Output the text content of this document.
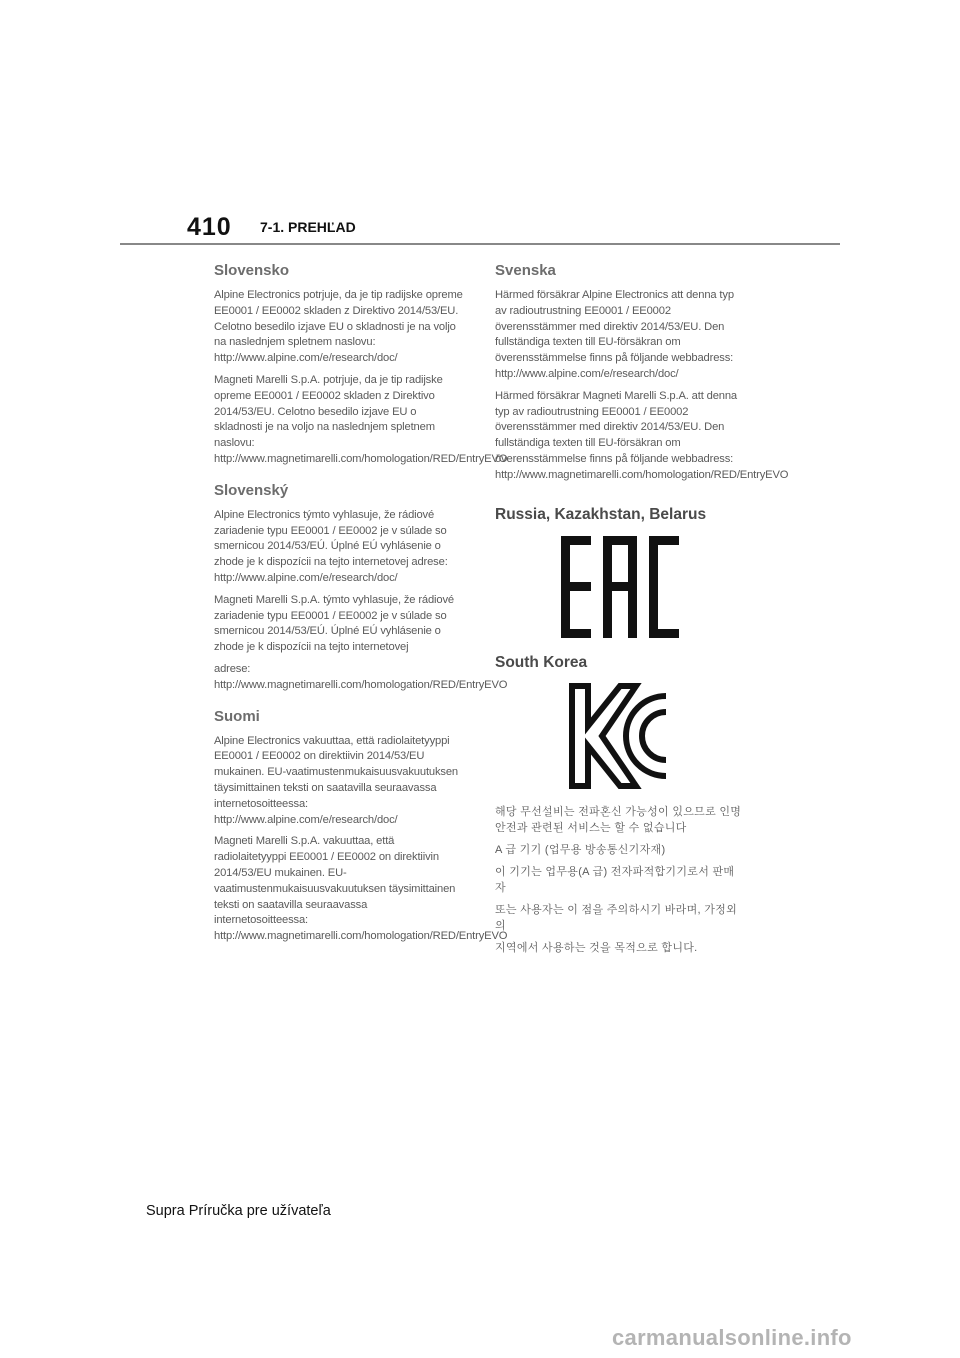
410 7-1. PREHĽAD
Slovensko

Alpine Electronics potrjuje, da je tip radijske opreme EE0001 / EE0002 skladen z Direktivo 2014/53/EU. Celotno besedilo izjave EU o skladnosti je na voljo na naslednjem spletnem naslovu: http://www.alpine.com/e/research/doc/

Magneti Marelli S.p.A. potrjuje, da je tip radijske opreme EE0001 / EE0002 skladen z Direktivo 2014/53/EU. Celotno besedilo izjave EU o skladnosti je na voljo na naslednjem spletnem naslovu: http://www.magnetimarelli.com/homologation/RED/EntryEVO

Slovenský

Alpine Electronics týmto vyhlasuje, že rádiové zariadenie typu EE0001 / EE0002 je v súlade so smernicou 2014/53/EÚ. Úplné EÚ vyhlásenie o zhode je k dispozícii na tejto internetovej adrese: http://www.alpine.com/e/research/doc/

Magneti Marelli S.p.A. týmto vyhlasuje, že rádiové zariadenie typu EE0001 / EE0002 je v súlade so smernicou 2014/53/EÚ. Úplné EÚ vyhlásenie o zhode je k dispozícii na tejto internetovej

adrese: http://www.magnetimarelli.com/homologation/RED/EntryEVO

Suomi

Alpine Electronics vakuuttaa, että radiolaitetyyppi EE0001 / EE0002 on direktiivin 2014/53/EU mukainen. EU-vaatimustenmukaisuusvakuutuksen täysimittainen teksti on saatavilla seuraavassa internetosoitteessa: http://www.alpine.com/e/research/doc/

Magneti Marelli S.p.A. vakuuttaa, että radiolaitetyyppi EE0001 / EE0002 on direktiivin 2014/53/EU mukainen. EU-vaatimustenmukaisuusvakuutuksen täysimittainen teksti on saatavilla seuraavassa internetosoitteessa: http://www.magnetimarelli.com/homologation/RED/EntryEVO

Svenska

Härmed försäkrar Alpine Electronics att denna typ av radioutrustning EE0001 / EE0002 överensstämmer med direktiv 2014/53/EU. Den fullständiga texten till EU-försäkran om överensstämmelse finns på följande webbadress: http://www.alpine.com/e/research/doc/

Härmed försäkrar Magneti Marelli S.p.A. att denna typ av radioutrustning EE0001 / EE0002 överensstämmer med direktiv 2014/53/EU. Den fullständiga texten till EU-försäkran om överensstämmelse finns på följande webbadress: http://www.magnetimarelli.com/homologation/RED/EntryEVO

Russia, Kazakhstan, Belarus
South Korea

해당 무선설비는 전파혼신 가능성이 있으므로 인명안전과 관련된 서비스는 할 수 없습니다

A 급 기기 (업무용 방송통신기자재)

이 기기는 업무용(A 급) 전자파적합기기로서 판매자

또는 사용자는 이 점을 주의하시기 바라며, 가정외의

지역에서 사용하는 것을 목적으로 합니다.

Supra Príručka pre užívateľa
carmanualsonline.info
